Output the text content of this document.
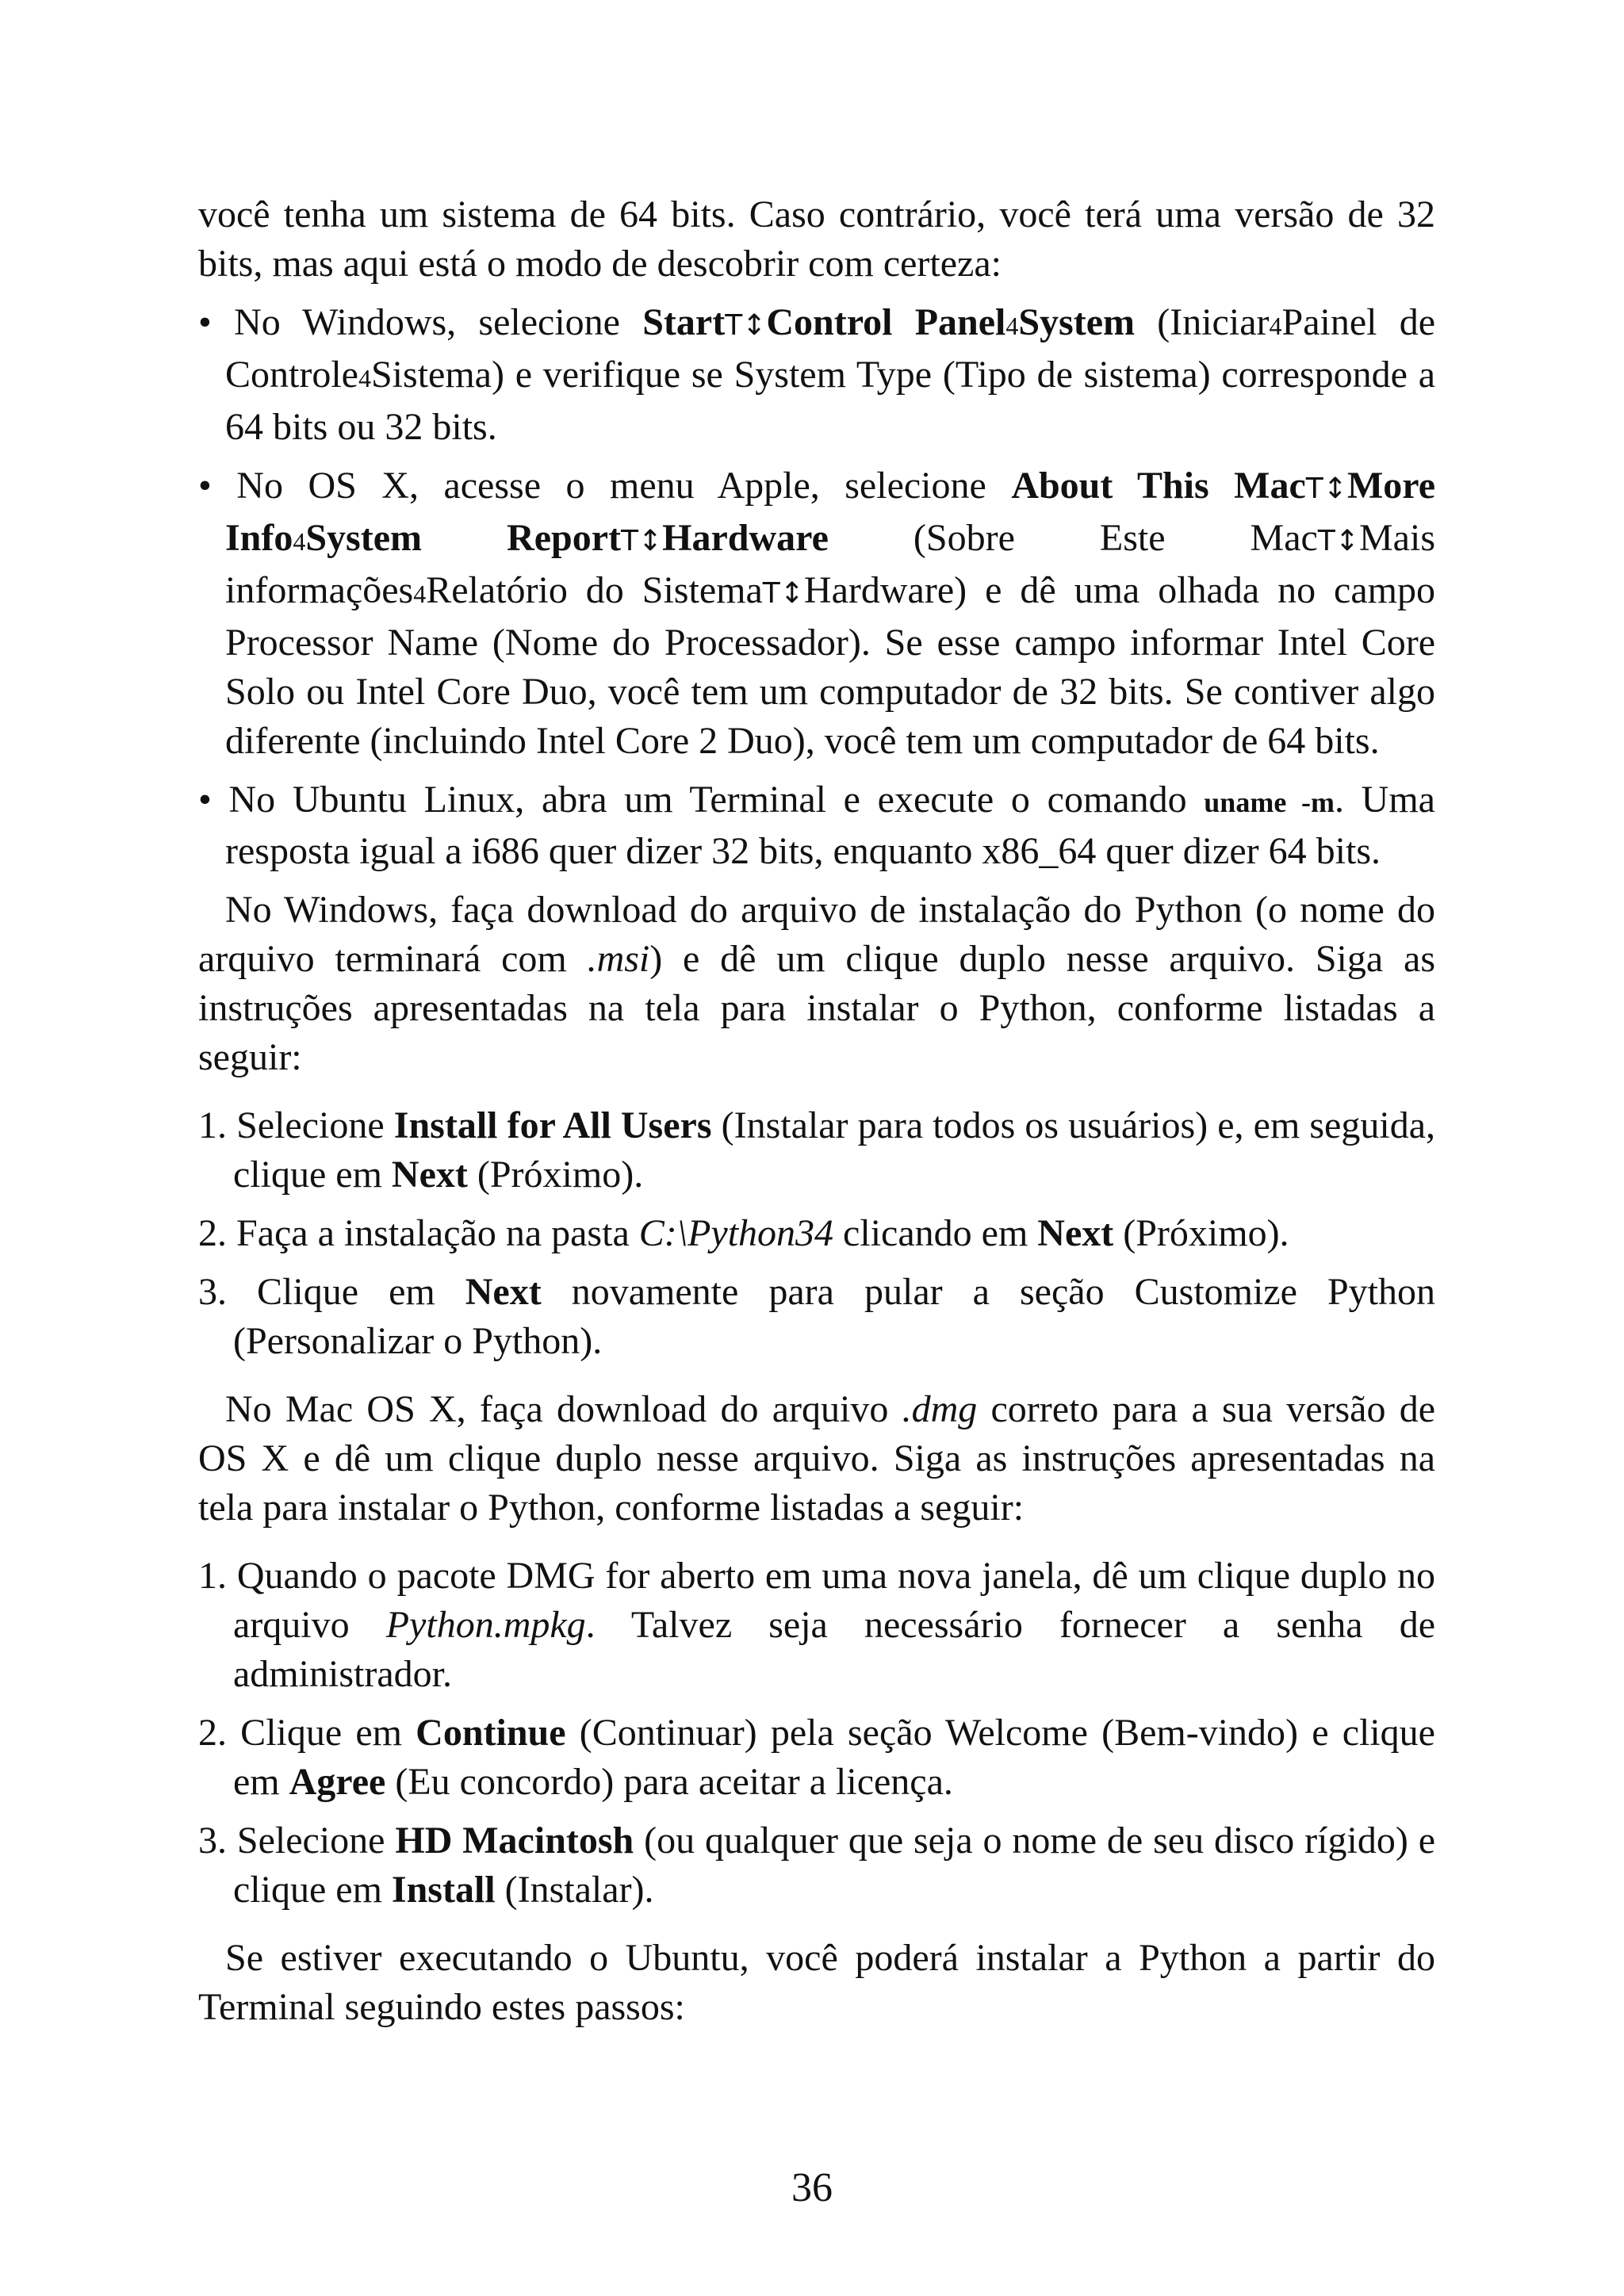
você tenha um sistema de 64 bits. Caso contrário, você terá uma versão de 32 bits, mas aqui está o modo de descobrir com certeza:

• No Windows, selecione StartT↕Control Panel4System (Iniciar4Painel de Controle4Sistema) e verifique se System Type (Tipo de sistema) corresponde a 64 bits ou 32 bits.
• No OS X, acesse o menu Apple, selecione About This MacT↕More Info4System ReportT↕Hardware (Sobre Este MacT↕Mais informações4Relatório do SistemaT↕Hardware) e dê uma olhada no campo Processor Name (Nome do Processador). Se esse campo informar Intel Core Solo ou Intel Core Duo, você tem um computador de 32 bits. Se contiver algo diferente (incluindo Intel Core 2 Duo), você tem um computador de 64 bits.
• No Ubuntu Linux, abra um Terminal e execute o comando uname -m. Uma resposta igual a i686 quer dizer 32 bits, enquanto x86_64 quer dizer 64 bits.

No Windows, faça download do arquivo de instalação do Python (o nome do arquivo terminará com .msi) e dê um clique duplo nesse arquivo. Siga as instruções apresentadas na tela para instalar o Python, conforme listadas a seguir:

1. Selecione Install for All Users (Instalar para todos os usuários) e, em seguida, clique em Next (Próximo).
2. Faça a instalação na pasta C:\Python34 clicando em Next (Próximo).
3. Clique em Next novamente para pular a seção Customize Python (Personalizar o Python).

No Mac OS X, faça download do arquivo .dmg correto para a sua versão de OS X e dê um clique duplo nesse arquivo. Siga as instruções apresentadas na tela para instalar o Python, conforme listadas a seguir:

1. Quando o pacote DMG for aberto em uma nova janela, dê um clique duplo no arquivo Python.mpkg. Talvez seja necessário fornecer a senha de administrador.
2. Clique em Continue (Continuar) pela seção Welcome (Bem-vindo) e clique em Agree (Eu concordo) para aceitar a licença.
3. Selecione HD Macintosh (ou qualquer que seja o nome de seu disco rígido) e clique em Install (Instalar).

Se estiver executando o Ubuntu, você poderá instalar a Python a partir do Terminal seguindo estes passos:

36
